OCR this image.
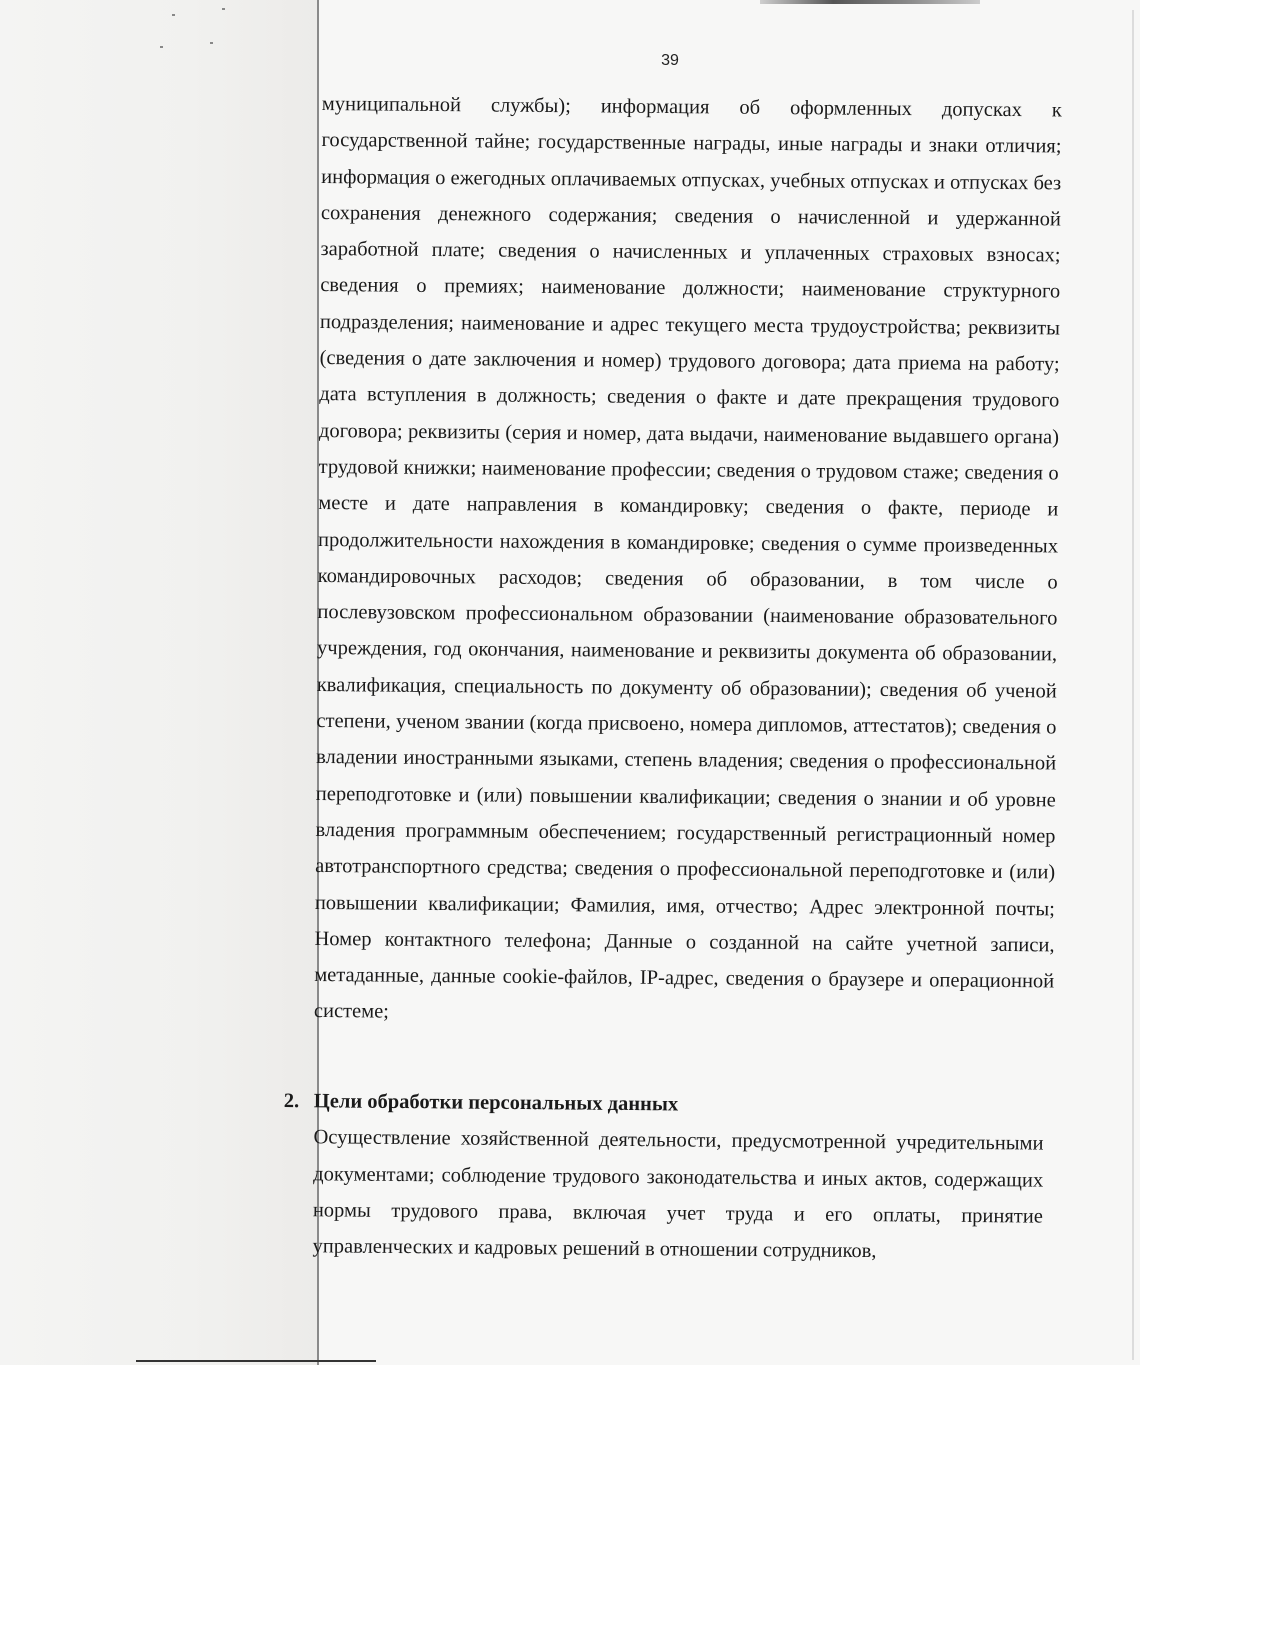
39

муниципальной службы); информация об оформленных допусках к государственной тайне; государственные награды, иные награды и знаки отличия; информация о ежегодных оплачиваемых отпусках, учебных отпусках и отпусках без сохранения денежного содержания; сведения о начисленной и удержанной заработной плате; сведения о начисленных и уплаченных страховых взносах; сведения о премиях; наименование должности; наименование структурного подразделения; наименование и адрес текущего места трудоустройства; реквизиты (сведения о дате заключения и номер) трудового договора; дата приема на работу; дата вступления в должность; сведения о факте и дате прекращения трудового договора; реквизиты (серия и номер, дата выдачи, наименование выдавшего органа) трудовой книжки; наименование профессии; сведения о трудовом стаже; сведения о месте и дате направления в командировку; сведения о факте, периоде и продолжительности нахождения в командировке; сведения о сумме произведенных командировочных расходов; сведения об образовании, в том числе о послевузовском профессиональном образовании (наименование образовательного учреждения, год окончания, наименование и реквизиты документа об образовании, квалификация, специальность по документу об образовании); сведения об ученой степени, ученом звании (когда присвоено, номера дипломов, аттестатов); сведения о владении иностранными языками, степень владения; сведения о профессиональной переподготовке и (или) повышении квалификации; сведения о знании и об уровне владения программным обеспечением; государственный регистрационный номер автотранспортного средства; сведения о профессиональной переподготовке и (или) повышении квалификации; Фамилия, имя, отчество; Адрес электронной почты; Номер контактного телефона; Данные о созданной на сайте учетной записи, метаданные, данные cookie-файлов, IP-адрес, сведения о браузере и операционной системе;

2. Цели обработки персональных данных

Осуществление хозяйственной деятельности, предусмотренной учредительными документами; соблюдение трудового законодательства и иных актов, содержащих нормы трудового права, включая учет труда и его оплаты, принятие управленческих и кадровых решений в отношении сотрудников,
